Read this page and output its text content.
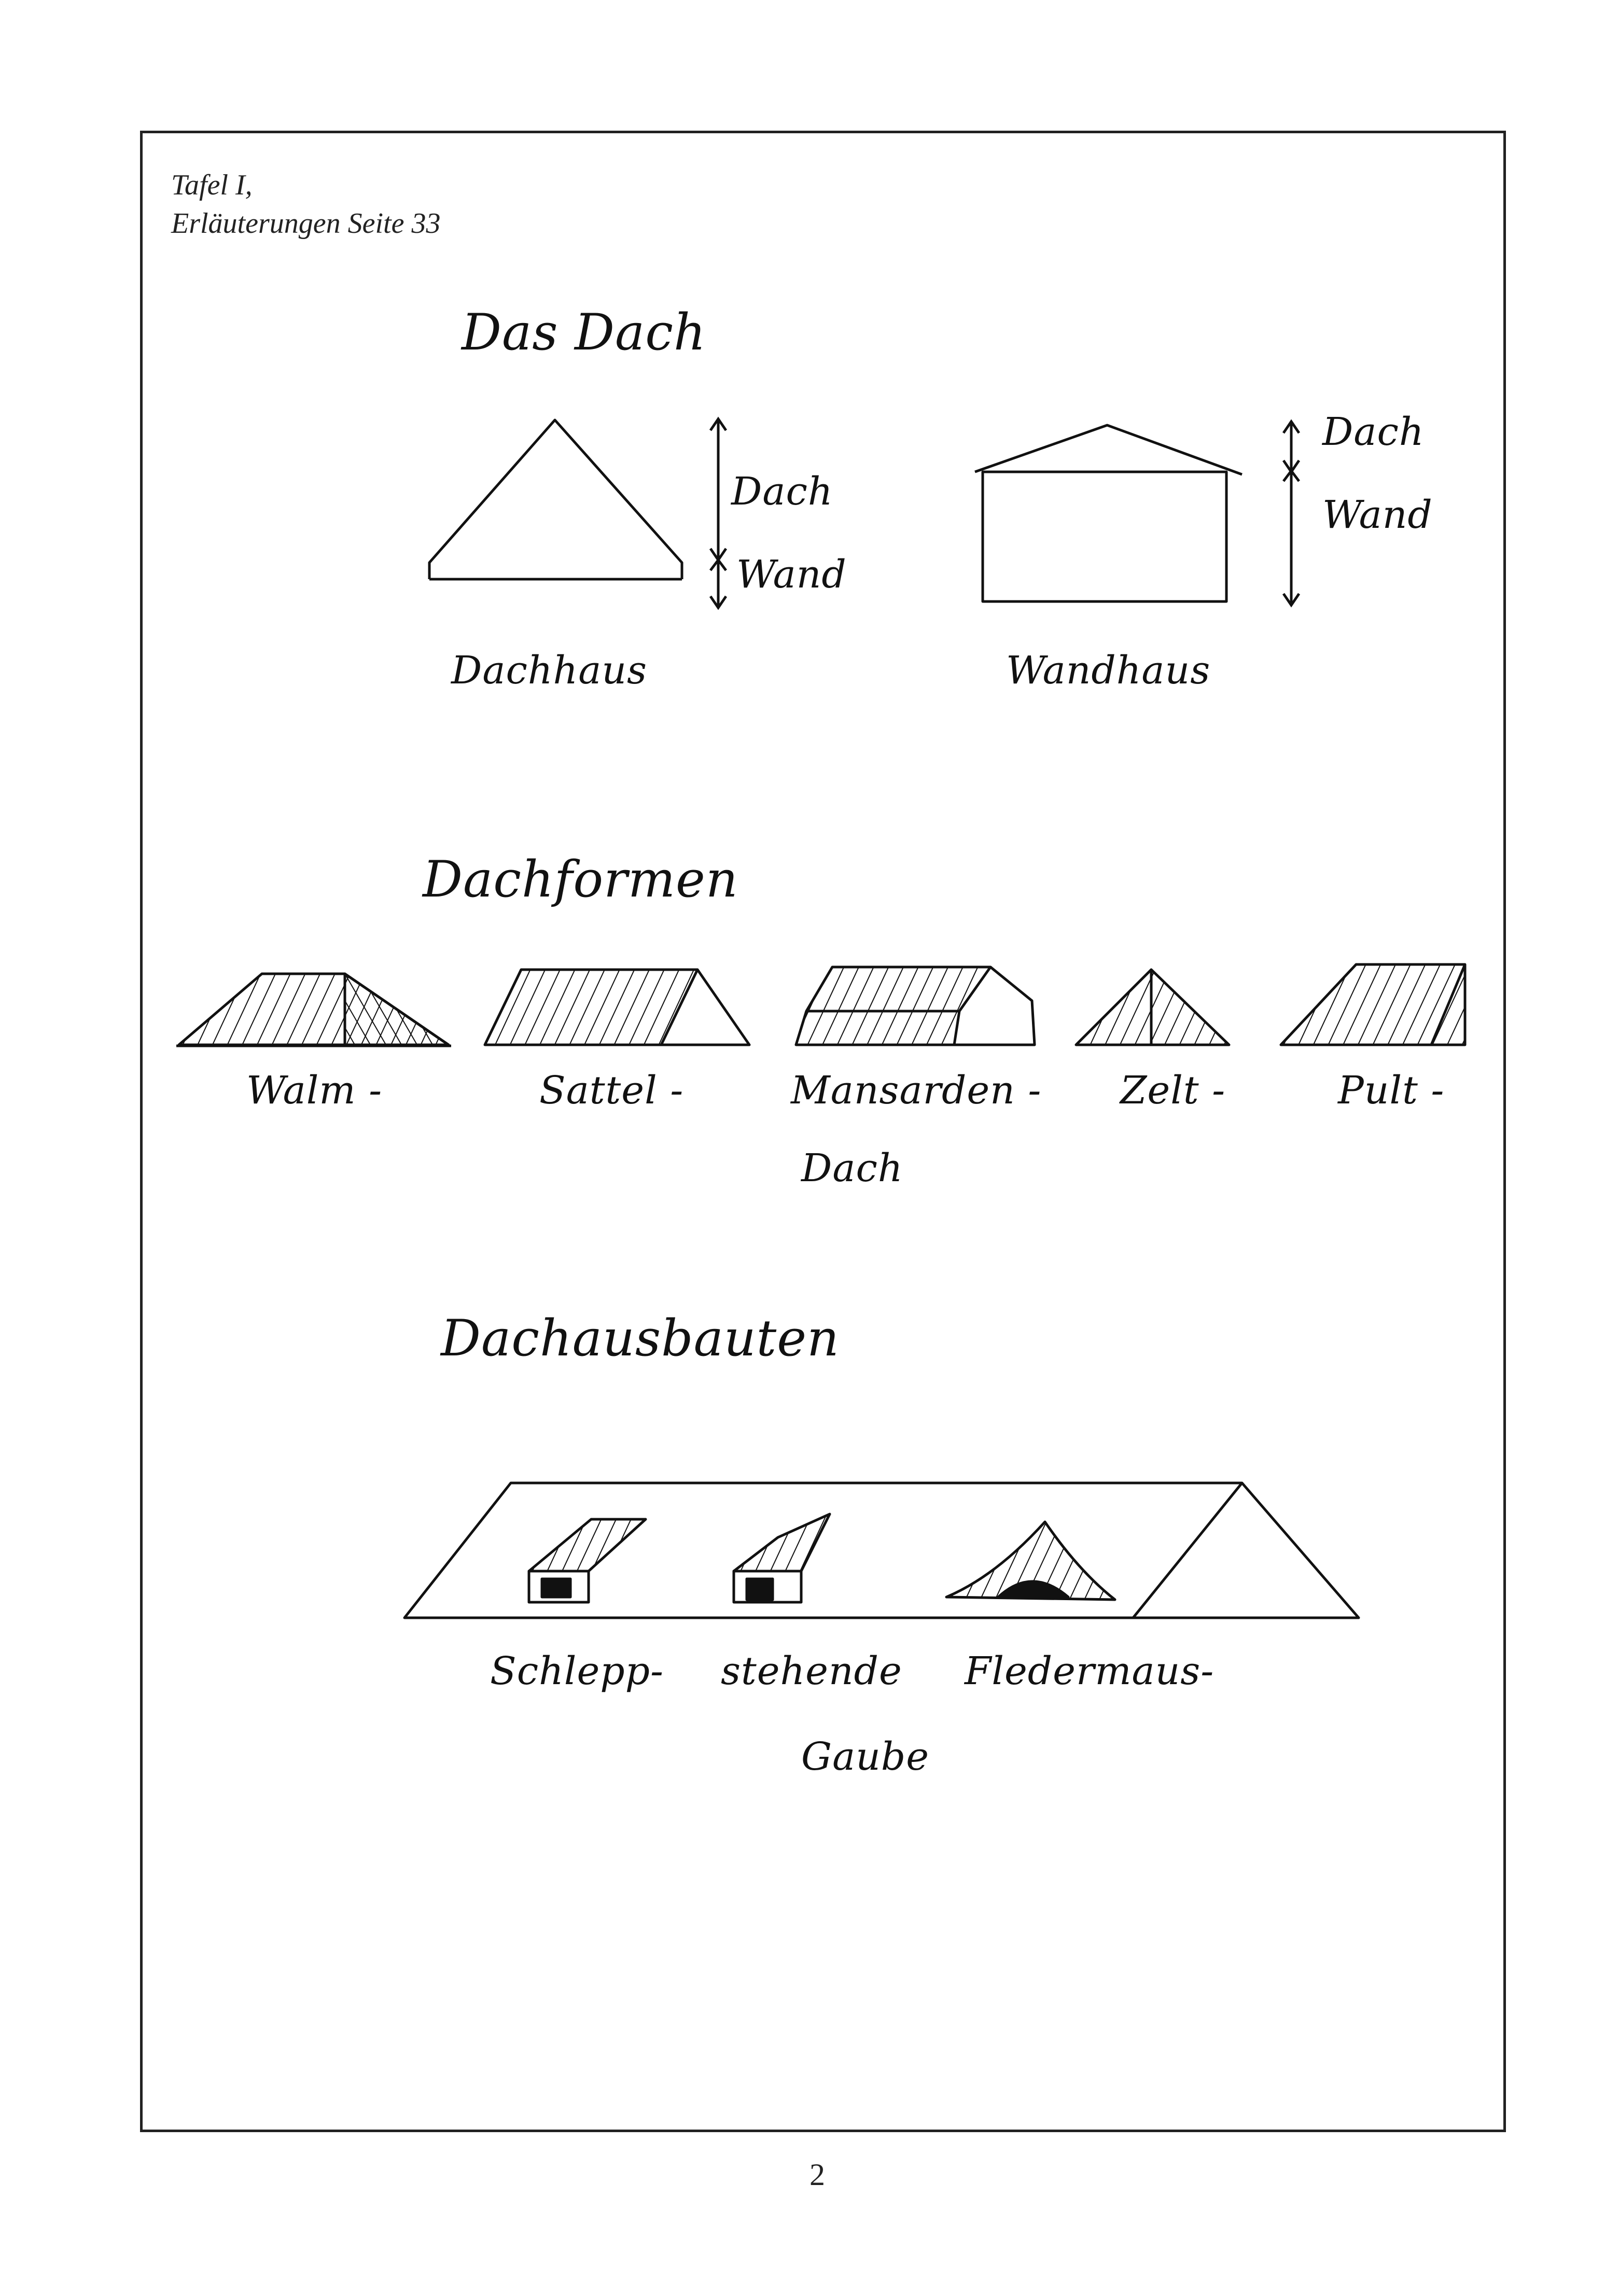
Tafel I,
Erläuterungen Seite 33
Das Dach
Dach
Wand
Dach
Wand
Dachhaus	Wandhaus
Dachformen
Walm -	Sattel -	Mansarden - Zelt -	Pult -
Dach
Dachausbauten
Schlepp- stehende Fledermaus-
Gaube
2
